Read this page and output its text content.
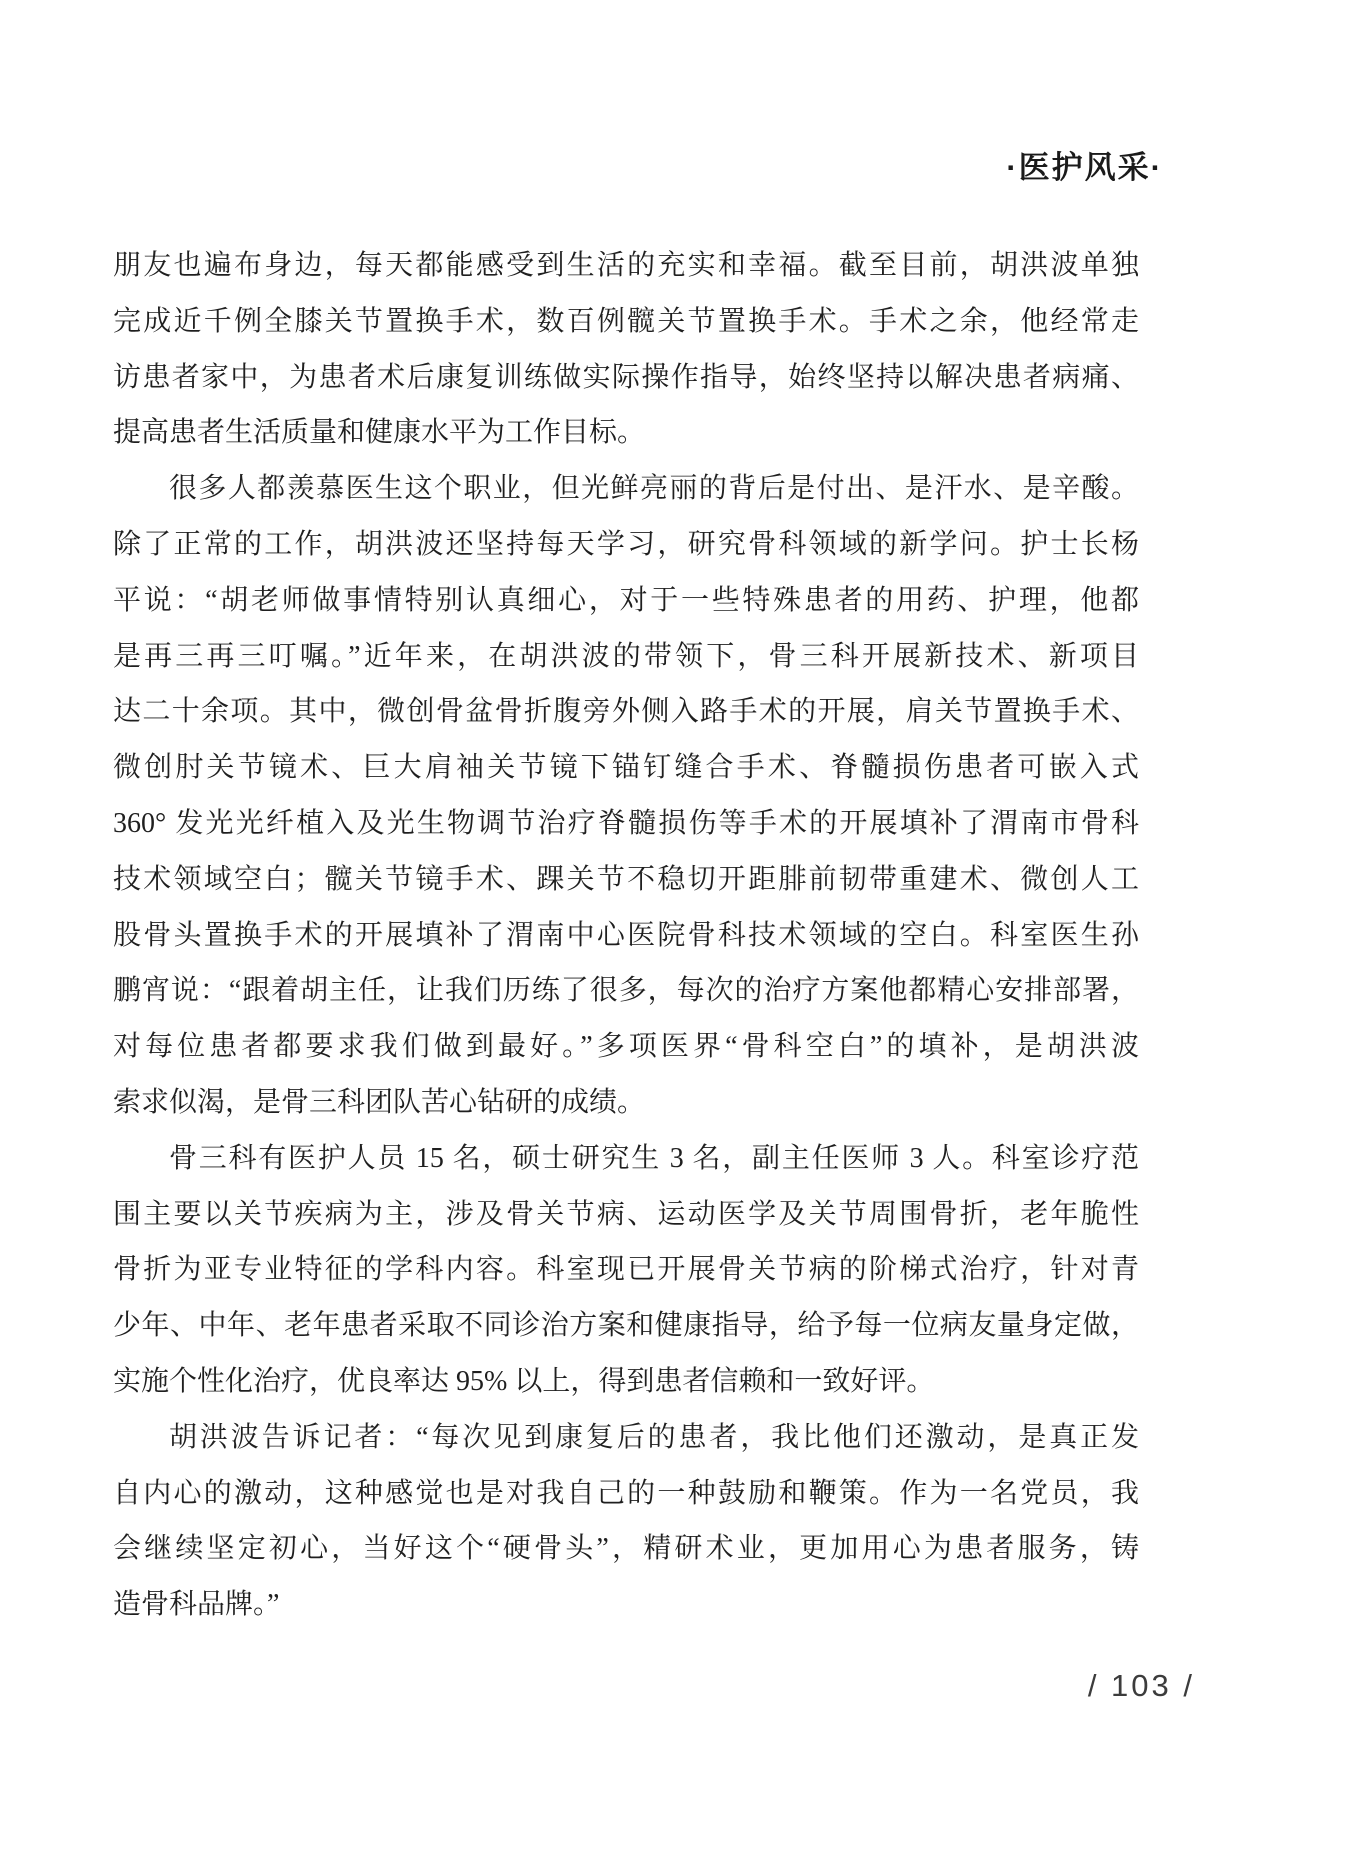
·医护风采·
朋友也遍布身边，每天都能感受到生活的充实和幸福。截至目前，胡洪波单独
完成近千例全膝关节置换手术，数百例髋关节置换手术。手术之余，他经常走
访患者家中，为患者术后康复训练做实际操作指导，始终坚持以解决患者病痛、
提高患者生活质量和健康水平为工作目标。
很多人都羡慕医生这个职业，但光鲜亮丽的背后是付出、是汗水、是辛酸。
除了正常的工作，胡洪波还坚持每天学习，研究骨科领域的新学问。护士长杨
平说：“胡老师做事情特别认真细心，对于一些特殊患者的用药、护理，他都
是再三再三叮嘱。”近年来，在胡洪波的带领下，骨三科开展新技术、新项目
达二十余项。其中，微创骨盆骨折腹旁外侧入路手术的开展，肩关节置换手术、
微创肘关节镜术、巨大肩袖关节镜下锚钉缝合手术、脊髓损伤患者可嵌入式
360° 发光光纤植入及光生物调节治疗脊髓损伤等手术的开展填补了渭南市骨科
技术领域空白；髋关节镜手术、踝关节不稳切开距腓前韧带重建术、微创人工
股骨头置换手术的开展填补了渭南中心医院骨科技术领域的空白。科室医生孙
鹏宵说：“跟着胡主任，让我们历练了很多，每次的治疗方案他都精心安排部署，
对每位患者都要求我们做到最好。”多项医界“骨科空白”的填补，是胡洪波
索求似渴，是骨三科团队苦心钻研的成绩。
骨三科有医护人员 15 名，硕士研究生 3 名，副主任医师 3 人。科室诊疗范
围主要以关节疾病为主，涉及骨关节病、运动医学及关节周围骨折，老年脆性
骨折为亚专业特征的学科内容。科室现已开展骨关节病的阶梯式治疗，针对青
少年、中年、老年患者采取不同诊治方案和健康指导，给予每一位病友量身定做，
实施个性化治疗，优良率达 95% 以上，得到患者信赖和一致好评。
胡洪波告诉记者：“每次见到康复后的患者，我比他们还激动，是真正发
自内心的激动，这种感觉也是对我自己的一种鼓励和鞭策。作为一名党员，我
会继续坚定初心，当好这个“硬骨头”，精研术业，更加用心为患者服务，铸
造骨科品牌。”
/ 103 /
